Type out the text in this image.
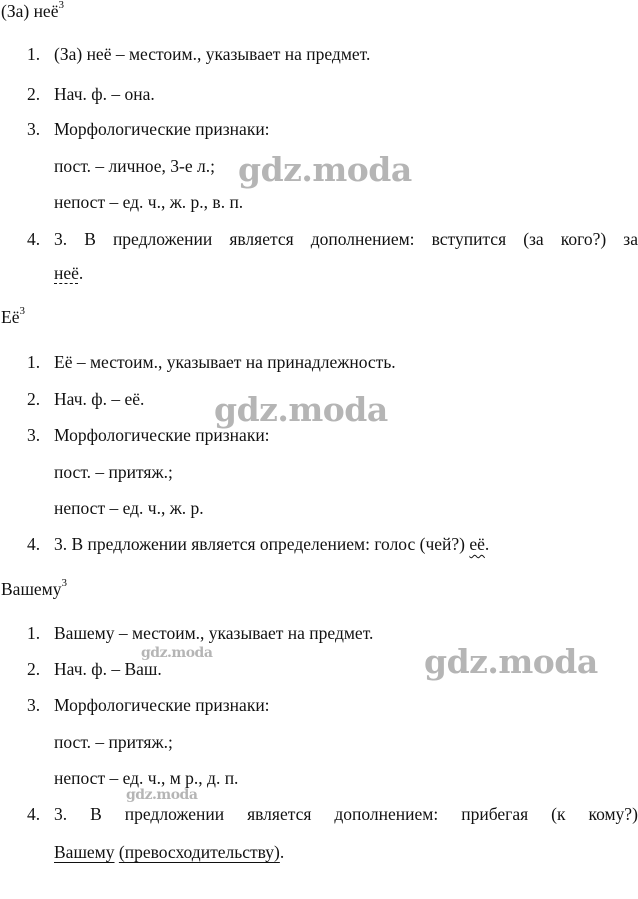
(За) неё$^3$
1. (За) неё – местоим., указывает на предмет.
2. Нач. ф. – она.
3. Морфологические признаки:
пост. – личное, 3-е л.;
непост – ед. ч., ж. р., в. п.
4. 3. В предложении является дополнением: вступится (за кого?) за
неё.
$Её^3$
1. Её – местоим., указывает на принадлежность.
2. Нач. ф. – её.
3. Морфологические признаки:
пост. – притяж.;
непост – ед. ч., ж. р.
4. 3. В предложении является определением: голос (чей?) её.
Вашему$^3$
1. Вашему – местоим., указывает на предмет.
2. Нач. ф. – Ваш.
3. Морфологические признаки:
пост. – притяж.;
непост – ед. ч., м р., д. п.
4. 3. В предложении является дополнением: прибегая (к кому?)
Вашему (превосходительству).
gdz.moda
gdz.moda
gdz.moda
gdz.moda
gdz.moda
